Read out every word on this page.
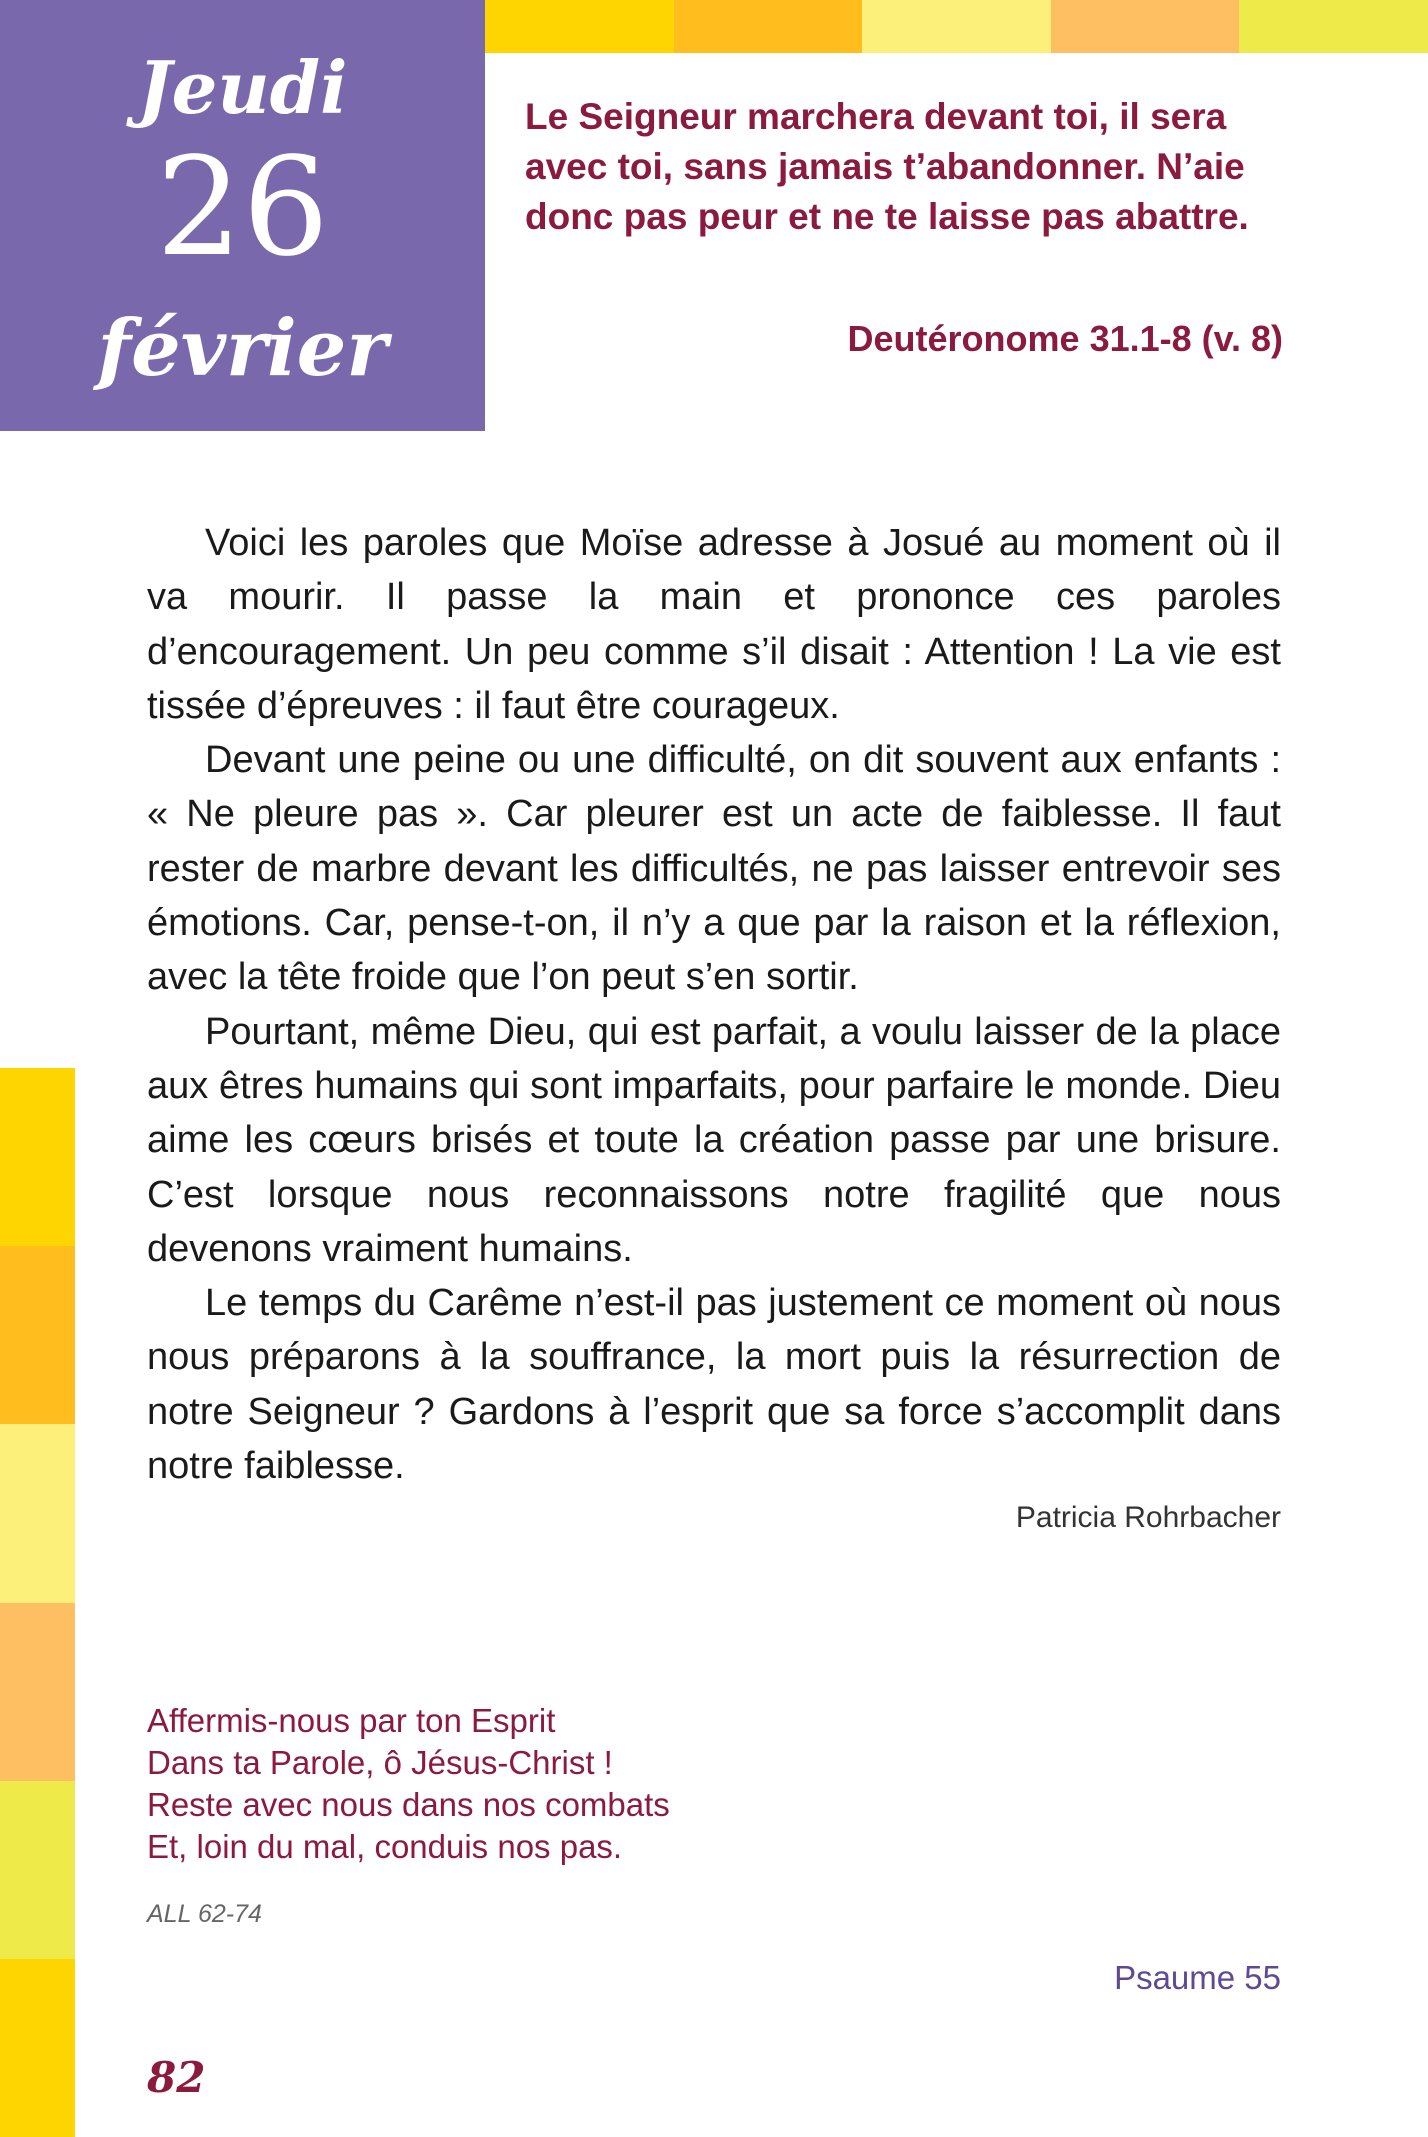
Jeudi
26
février
Le Seigneur marchera devant toi, il sera avec toi, sans jamais t’abandonner. N’aie donc pas peur et ne te laisse pas abattre.
Deutéronome 31.1-8 (v. 8)

Voici les paroles que Moïse adresse à Josué au moment où il va mourir. Il passe la main et prononce ces paroles d’encouragement. Un peu comme s’il disait : Attention ! La vie est tissée d’épreuves : il faut être courageux.

Devant une peine ou une difficulté, on dit souvent aux enfants : « Ne pleure pas ». Car pleurer est un acte de faiblesse. Il faut rester de marbre devant les difficultés, ne pas laisser entrevoir ses émotions. Car, pense-t-on, il n’y a que par la raison et la réflexion, avec la tête froide que l’on peut s’en sortir.

Pourtant, même Dieu, qui est parfait, a voulu laisser de la place aux êtres humains qui sont imparfaits, pour parfaire le monde. Dieu aime les cœurs brisés et toute la création passe par une brisure. C’est lorsque nous reconnaissons notre fragilité que nous devenons vraiment humains.

Le temps du Carême n’est-il pas justement ce moment où nous nous préparons à la souffrance, la mort puis la résurrection de notre Seigneur ? Gardons à l’esprit que sa force s’accomplit dans notre faiblesse.

Patricia Rohrbacher
Affermis-nous par ton Esprit
Dans ta Parole, ô Jésus-Christ !
Reste avec nous dans nos combats
Et, loin du mal, conduis nos pas.
ALL 62-74
Psaume 55
82
